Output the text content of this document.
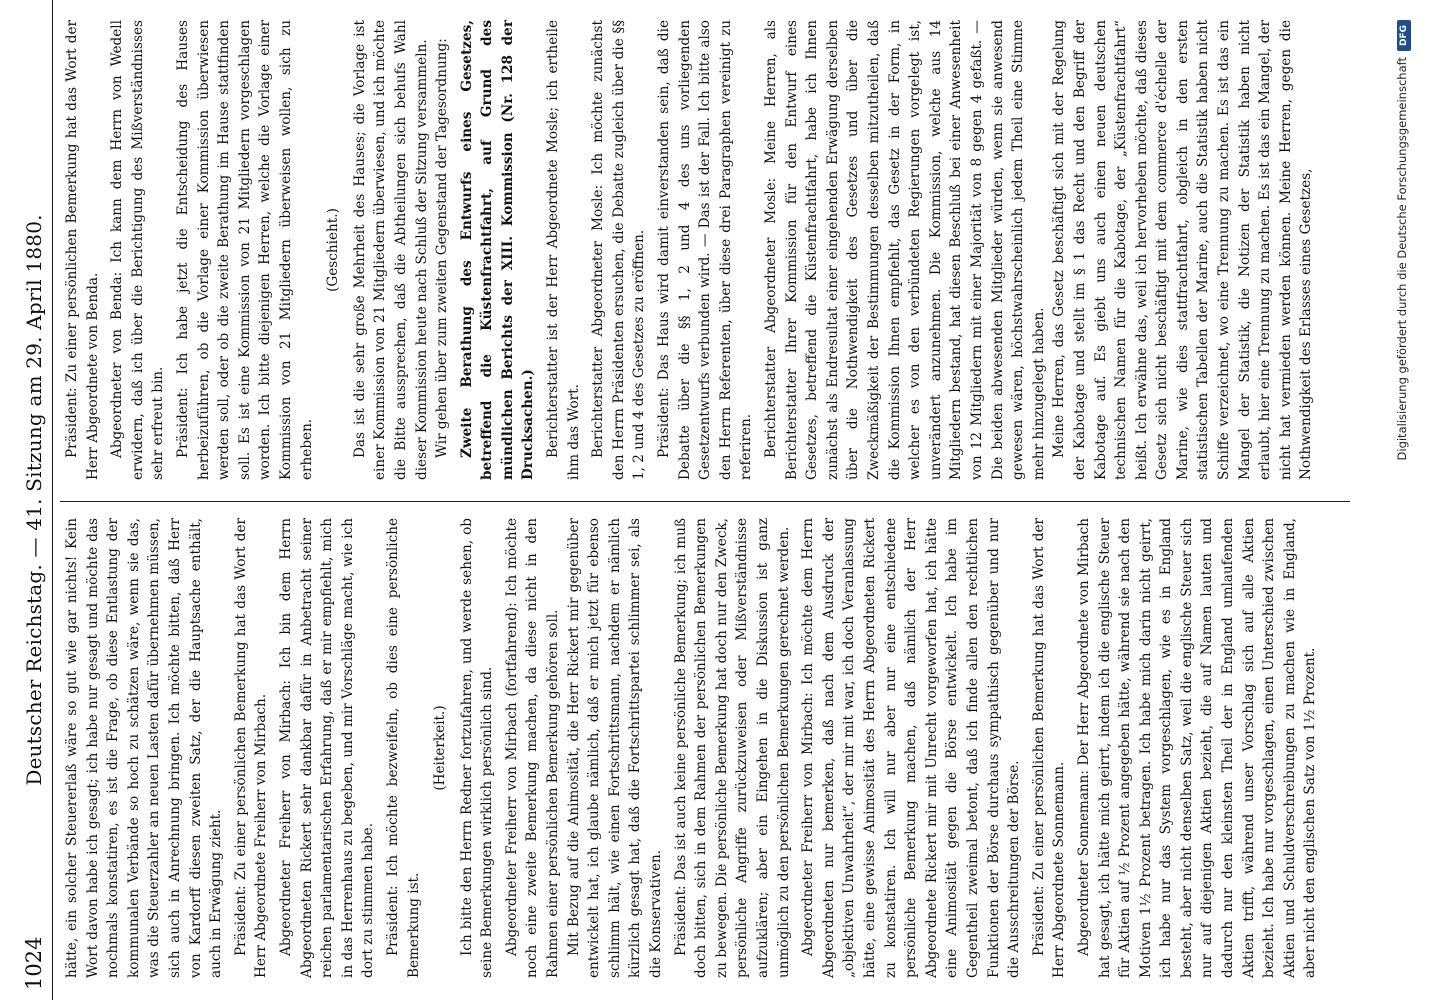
1024
Deutscher Reichstag. — 41. Sitzung am 29. April 1880. hätte, ein solcher Steuererlaß wäre so gut wie gar nichts! Kein Wort davon habe ich gesagt; ich habe nur gesagt und möchte das nochmals konstatiren, es ist die Frage, ob diese Entlastung der kommunalen Verbände so hoch zu schätzen wäre, wenn sie das, was die Steuerzahler an neuen Lasten dafür übernehmen müssen, sich auch in Anrechnung bringen. Ich möchte bitten, daß Herr von Kardorff diesen zweiten Satz, der die Hauptsache enthält, auch in Erwägung zieht. Präsident: Zu einer persönlichen Bemerkung hat das Wort der Herr Abgeordnete Freiherr von Mirbach. Abgeordneter Freiherr von Mirbach: Ich bin dem Herrn Abgeordneten Rickert sehr dankbar dafür in Anbetracht seiner reichen parlamentarischen Erfahrung, daß er mir empfiehlt, mich in das Herrenhaus zu begeben, und mir Vorschläge macht, wie ich dort zu stimmen habe. Präsident: Ich möchte bezweifeln, ob dies eine persönliche Bemerkung ist.

(Heiterkeit.) Ich bitte den Herrn Redner fortzufahren, und werde sehen, ob seine Bemerkungen wirklich persönlich sind. Abgeordneter Freiherr von Mirbach (fortfahrend): Ich möchte noch eine zweite Bemerkung machen, da diese nicht in den Rahmen einer persönlichen Bemerkung gehören soll. Mit Bezug auf die Animosität, die Herr Rickert mir gegenüber entwickelt hat, ich glaube nämlich, daß er mich jetzt für ebenso schlimm hält, wie einen Fortschrittsmann, nachdem er nämlich kürzlich gesagt hat, daß die Fortschrittspartei schlimmer sei, als die Konservativen. Präsident: Das ist auch keine persönliche Bemerkung; ich muß doch bitten, sich in dem Rahmen der persönlichen Bemerkungen zu bewegen. Die persönliche Bemerkung hat doch nur den Zweck, persönliche Angriffe zurückzuweisen oder Mißverständnisse aufzuklären; aber ein Eingehen in die Diskussion ist ganz unmöglich zu den persönlichen Bemerkungen gerechnet werden. Abgeordneter Freiherr von Mirbach: Ich möchte dem Herrn Abgeordneten nur bemerken, daß nach dem Ausdruck der „objektiven Unwahrheit“, der mir mit war, ich doch Veranlassung hätte, eine gewisse Animosität des Herrn Abgeordneten Rickert zu konstatiren. Ich will nur aber nur eine entschiedene persönliche Bemerkung machen, daß nämlich der Herr Abgeordnete Rickert mir mit Unrecht vorgeworfen hat, ich hätte eine Animosität gegen die Börse entwickelt. Ich habe im Gegentheil zweimal betont, daß ich finde allen den rechtlichen Funktionen der Börse durchaus sympathisch gegenüber und nur die Ausschreitungen der Börse. Präsident: Zu einer persönlichen Bemerkung hat das Wort der Herr Abgeordnete Sonnemann. Abgeordneter Sonnemann: Der Herr Abgeordnete von Mirbach hat gesagt, ich hätte mich geirrt, indem ich die englische Steuer für Aktien auf ½ Prozent angegeben hätte, während sie nach den Motiven 1½ Prozent betragen. Ich habe mich darin nicht geirrt, ich habe nur das System vorgeschlagen, wie es in England besteht, aber nicht denselben Satz, weil die englische Steuer sich nur auf diejenigen Aktien bezieht, die auf Namen lauten und dadurch nur den kleinsten Theil der in England umlaufenden Aktien trifft, während unser Vorschlag sich auf alle Aktien bezieht. Ich habe nur vorgeschlagen, einen Unterschied zwischen Aktien und Schuldverschreibungen zu machen wie in England, aber nicht den englischen Satz von 1½ Prozent.

Präsident: Zu einer persönlichen Bemerkung hat das Wort der Herr Abgeordnete von Benda. Abgeordneter von Benda: Ich kann dem Herrn von Wedell erwidern, daß ich über die Berichtigung des Mißverständnisses sehr erfreut bin. Präsident: Ich habe jetzt die Entscheidung des Hauses herbeizuführen, ob die Vorlage einer Kommission überwiesen werden soll, oder ob die zweite Berathung im Hause stattfinden soll. Es ist eine Kommission von 21 Mitgliedern vorgeschlagen worden. Ich bitte diejenigen Herren, welche die Vorlage einer Kommission von 21 Mitgliedern überweisen wollen, sich zu erheben.

(Geschieht.) Das ist die sehr große Mehrheit des Hauses; die Vorlage ist einer Kommission von 21 Mitgliedern überwiesen, und ich möchte die Bitte aussprechen, daß die Abtheilungen sich behufs Wahl dieser Kommission heute nach Schluß der Sitzung versammeln. Wir gehen über zum zweiten Gegenstand der Tagesordnung: Zweite Berathung des Entwurfs eines Gesetzes, betreffend die Küstenfrachtfahrt, auf Grund des mündlichen Berichts der XIII. Kommission (Nr. 128 der Drucksachen.) Berichterstatter ist der Herr Abgeordnete Mosle; ich ertheile ihm das Wort. Berichterstatter Abgeordneter Mosle: Ich möchte zunächst den Herrn Präsidenten ersuchen, die Debatte zugleich über die §§ 1, 2 und 4 des Gesetzes zu eröffnen. Präsident: Das Haus wird damit einverstanden sein, daß die Debatte über die §§ 1, 2 und 4 des uns vorliegenden Gesetzentwurfs verbunden wird. — Das ist der Fall. Ich bitte also den Herrn Referenten, über diese drei Paragraphen vereinigt zu referiren. Berichterstatter Abgeordneter Mosle: Meine Herren, als Berichterstatter Ihrer Kommission für den Entwurf eines Gesetzes, betreffend die Küstenfrachtfahrt, habe ich Ihnen zunächst als Endresultat einer eingehenden Erwägung derselben über die Nothwendigkeit des Gesetzes und über die Zweckmäßigkeit der Bestimmungen desselben mitzutheilen, daß die Kommission Ihnen empfiehlt, das Gesetz in der Form, in welcher es von den verbündeten Regierungen vorgelegt ist, unverändert anzunehmen. Die Kommission, welche aus 14 Mitgliedern bestand, hat diesen Beschluß bei einer Anwesenheit von 12 Mitgliedern mit einer Majorität von 8 gegen 4 gefaßt. — Die beiden abwesenden Mitglieder würden, wenn sie anwesend gewesen wären, höchstwahrscheinlich jedem Theil eine Stimme mehr hinzugelegt haben. Meine Herren, das Gesetz beschäftigt sich mit der Regelung der Kabotage und stellt im § 1 das Recht und den Begriff der Kabotage auf. Es giebt uns auch einen neuen deutschen technischen Namen für die Kabotage, der „Küstenfrachtfahrt“ heißt. Ich erwähne das, weil ich hervorheben möchte, daß dieses Gesetz sich nicht beschäftigt mit dem commerce d'échelle der Marine, wie dies stattfrachtfahrt, obgleich in den ersten statistischen Tabellen der Marine, auch die Statistik haben nicht Schiffe verzeichnet, wo eine Trennung zu machen. Es ist das ein Mangel der Statistik, die Notizen der Statistik haben nicht erlaubt, hier eine Trennung zu machen. Es ist das ein Mangel, der nicht hat vermieden werden können. Meine Herren, gegen die Nothwendigkeit des Erlasses eines Gesetzes,	Digitalisierung gefördert durch die Deutsche ForschungsgemeinschaftDFG
